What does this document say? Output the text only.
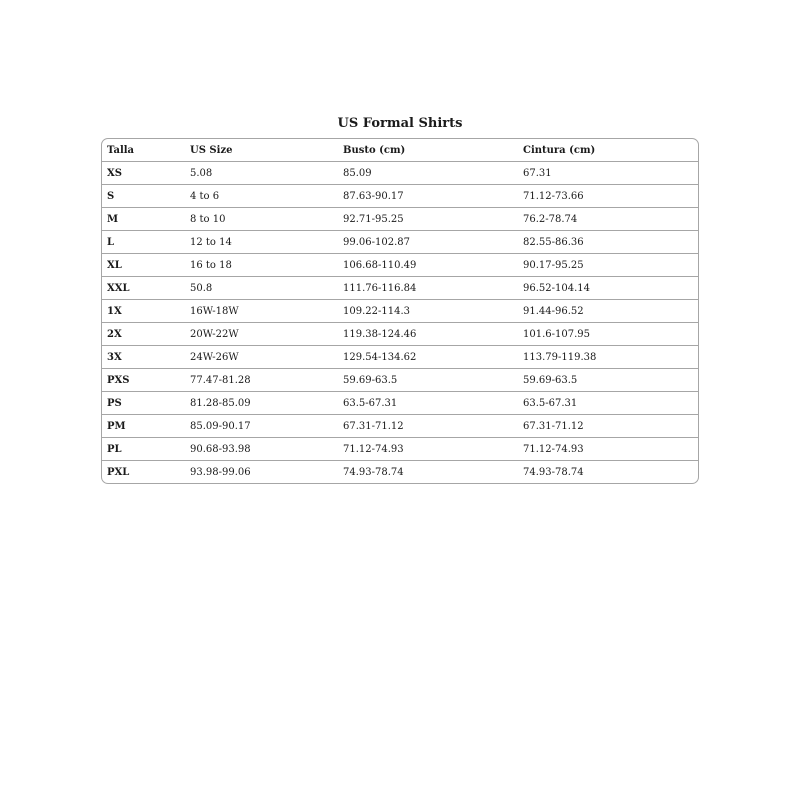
US Formal Shirts
Talla	US Size	Busto (cm)	Cintura (cm)
XS	5.08	85.09	67.31
S	4 to 6	87.63-90.17	71.12-73.66
M	8 to 10	92.71-95.25	76.2-78.74
L	12 to 14	99.06-102.87	82.55-86.36
XL	16 to 18	106.68-110.49	90.17-95.25
XXL	50.8	111.76-116.84	96.52-104.14
1X	16W-18W	109.22-114.3	91.44-96.52
2X	20W-22W	119.38-124.46	101.6-107.95
3X	24W-26W	129.54-134.62	113.79-119.38
PXS	77.47-81.28	59.69-63.5	59.69-63.5
PS	81.28-85.09	63.5-67.31	63.5-67.31
PM	85.09-90.17	67.31-71.12	67.31-71.12
PL	90.68-93.98	71.12-74.93	71.12-74.93
PXL	93.98-99.06	74.93-78.74	74.93-78.74
